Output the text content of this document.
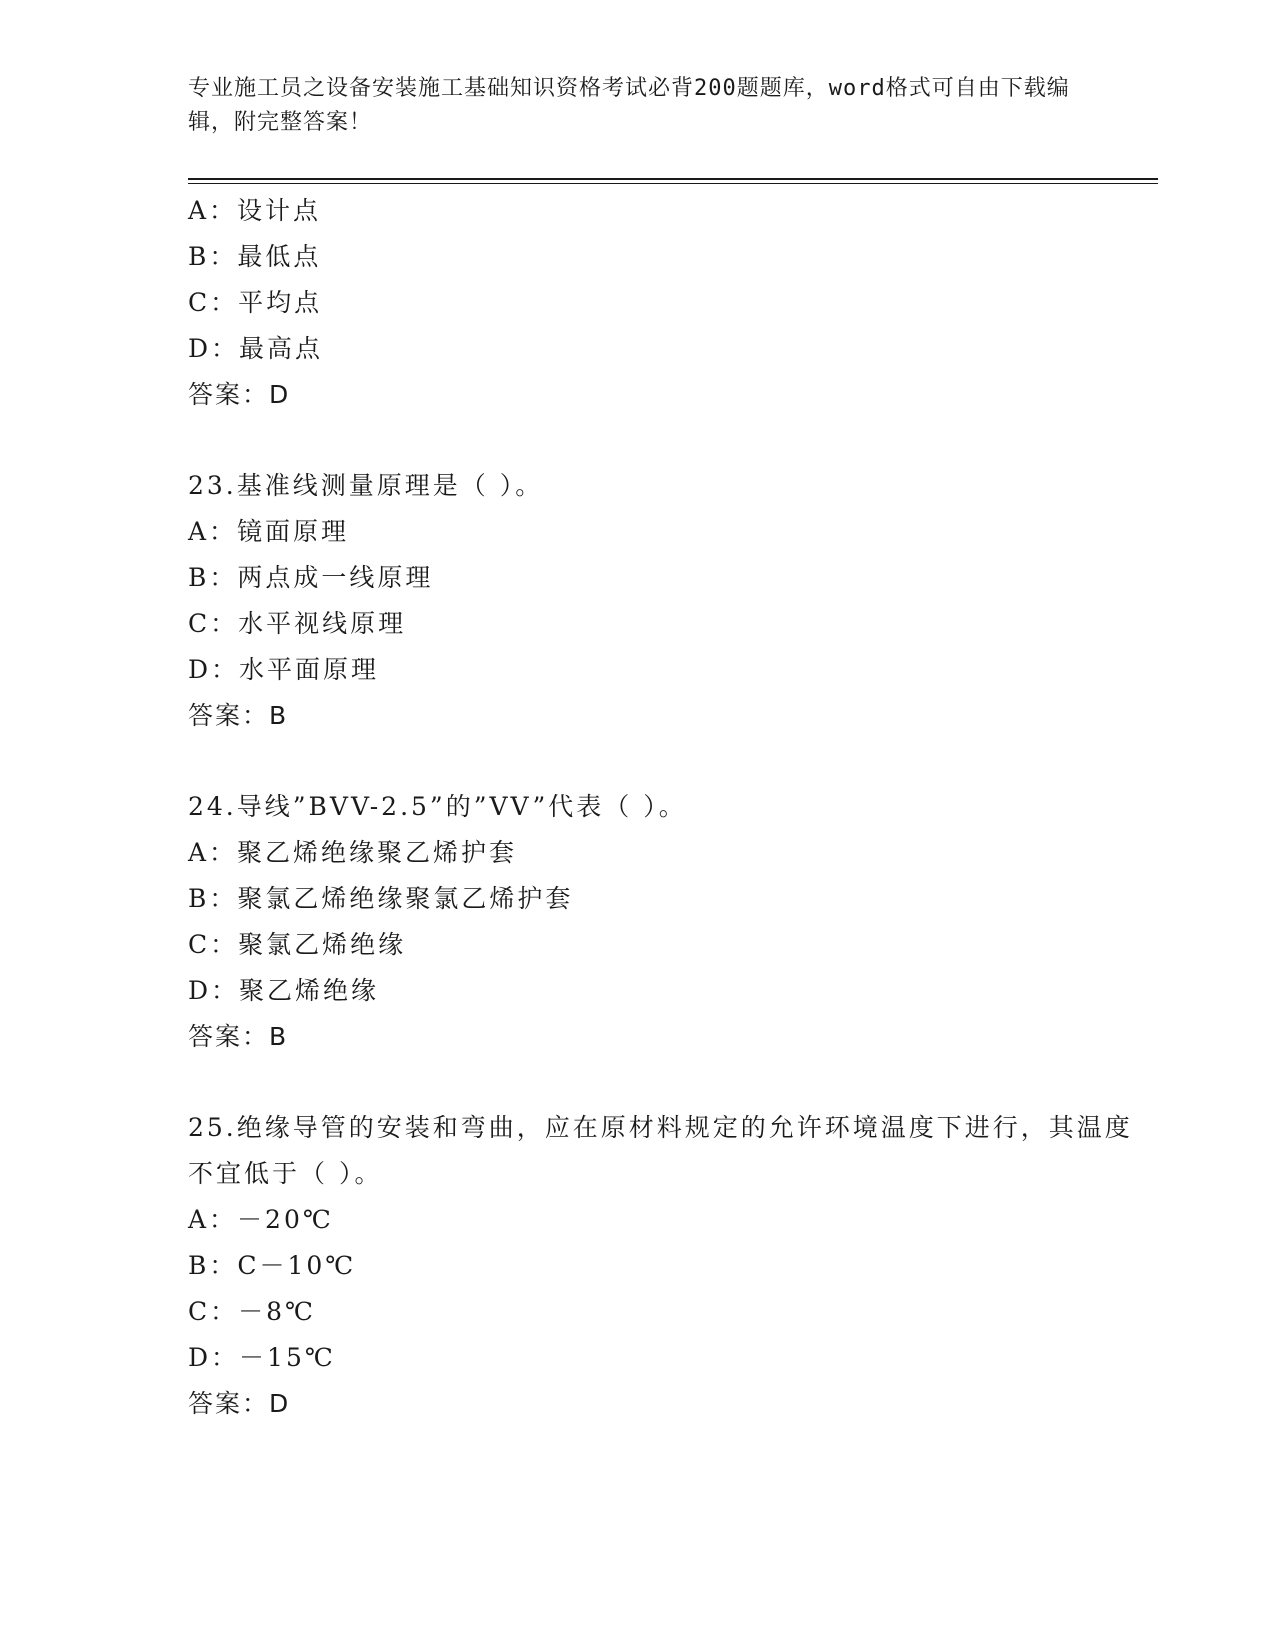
专业施工员之设备安装施工基础知识资格考试必背200题题库，word格式可自由下载编辑，附完整答案！
A：设计点
B：最低点
C：平均点
D：最高点
答案：D
23.基准线测量原理是（ ）。
A：镜面原理
B：两点成一线原理
C：水平视线原理
D：水平面原理
答案：B
24.导线”BVV-2.5”的”VV”代表（ ）。
A：聚乙烯绝缘聚乙烯护套
B：聚氯乙烯绝缘聚氯乙烯护套
C：聚氯乙烯绝缘
D：聚乙烯绝缘
答案：B
25.绝缘导管的安装和弯曲，应在原材料规定的允许环境温度下进行，其温度不宜低于（ ）。
A：－20℃
B：C－10℃
C：－8℃
D：－15℃
答案：D
